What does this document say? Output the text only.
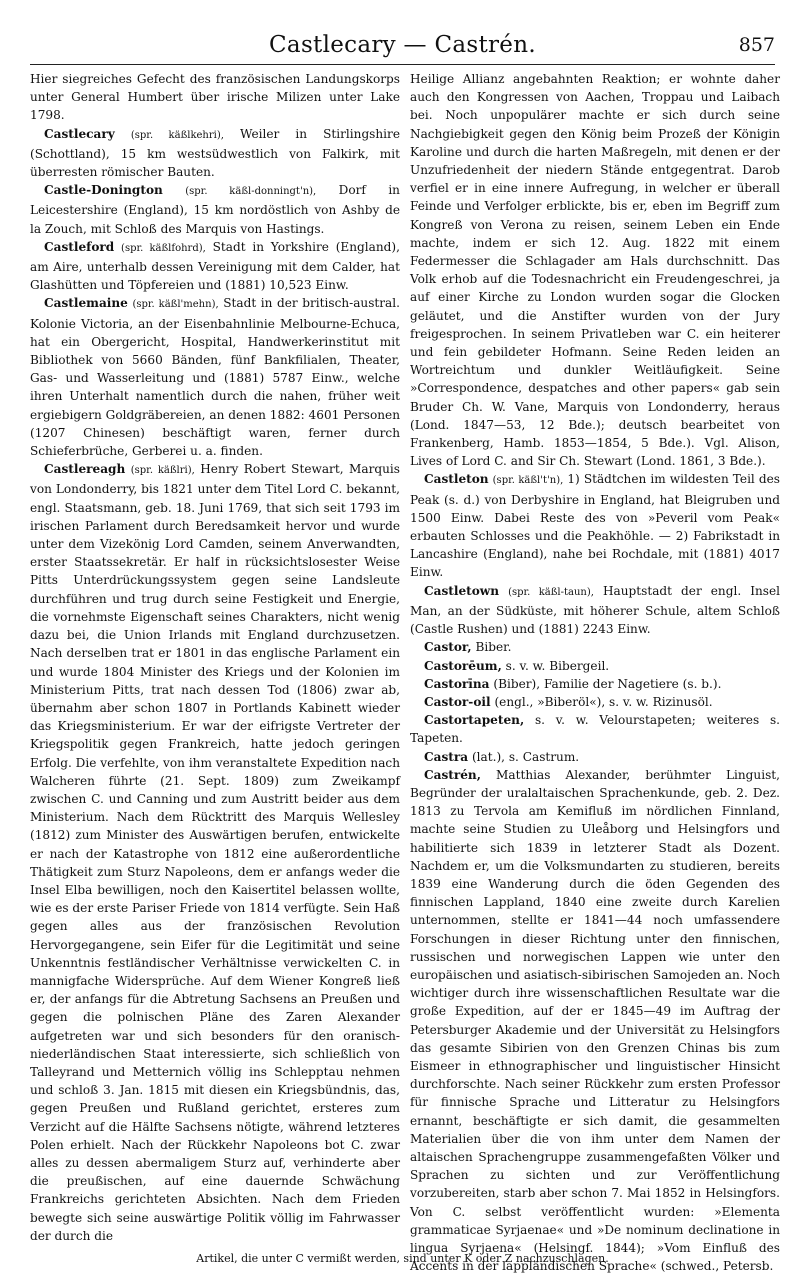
Castlecary — Castrén.	857

Hier siegreiches Gefecht des französischen Landungskorps unter General Humbert über irische Milizen unter Lake 1798.

Castlecary (spr. käßlkehri), Weiler in Stirlingshire (Schottland), 15 km westsüdwestlich von Falkirk, mit überresten römischer Bauten.

Castle-Donington (spr. käßl-donningt'n), Dorf in Leicestershire (England), 15 km nordöstlich von Ashby de la Zouch, mit Schloß des Marquis von Hastings.

Castleford (spr. käßlfohrd), Stadt in Yorkshire (England), am Aire, unterhalb dessen Vereinigung mit dem Calder, hat Glashütten und Töpfereien und (1881) 10,523 Einw.

Castlemaine (spr. käßl'mehn), Stadt in der britisch-austral. Kolonie Victoria, an der Eisenbahnlinie Melbourne-Echuca, hat ein Obergericht, Hospital, Handwerkerinstitut mit Bibliothek von 5660 Bänden, fünf Bankfilialen, Theater, Gas- und Wasserleitung und (1881) 5787 Einw., welche ihren Unterhalt namentlich durch die nahen, früher weit ergiebigern Goldgräbereien, an denen 1882: 4601 Personen (1207 Chinesen) beschäftigt waren, ferner durch Schieferbrüche, Gerberei u. a. finden.

Castlereagh (spr. käßlri), Henry Robert Stewart, Marquis von Londonderry, bis 1821 unter dem Titel Lord C. bekannt, engl. Staatsmann, geb. 18. Juni 1769, that sich seit 1793 im irischen Parlament durch Beredsamkeit hervor und wurde unter dem Vizekönig Lord Camden, seinem Anverwandten, erster Staatssekretär. Er half in rücksichtslosester Weise Pitts Unterdrückungssystem gegen seine Landsleute durchführen und trug durch seine Festigkeit und Energie, die vornehmste Eigenschaft seines Charakters, nicht wenig dazu bei, die Union Irlands mit England durchzusetzen. Nach derselben trat er 1801 in das englische Parlament ein und wurde 1804 Minister des Kriegs und der Kolonien im Ministerium Pitts, trat nach dessen Tod (1806) zwar ab, übernahm aber schon 1807 in Portlands Kabinett wieder das Kriegsministerium. Er war der eifrigste Vertreter der Kriegspolitik gegen Frankreich, hatte jedoch geringen Erfolg. Die verfehlte, von ihm veranstaltete Expedition nach Walcheren führte (21. Sept. 1809) zum Zweikampf zwischen C. und Canning und zum Austritt beider aus dem Ministerium. Nach dem Rücktritt des Marquis Wellesley (1812) zum Minister des Auswärtigen berufen, entwickelte er nach der Katastrophe von 1812 eine außerordentliche Thätigkeit zum Sturz Napoleons, dem er anfangs weder die Insel Elba bewilligen, noch den Kaisertitel belassen wollte, wie es der erste Pariser Friede von 1814 verfügte. Sein Haß gegen alles aus der französischen Revolution Hervorgegangene, sein Eifer für die Legitimität und seine Unkenntnis festländischer Verhältnisse verwickelten C. in mannigfache Widersprüche. Auf dem Wiener Kongreß ließ er, der anfangs für die Abtretung Sachsens an Preußen und gegen die polnischen Pläne des Zaren Alexander aufgetreten war und sich besonders für den oranisch-niederländischen Staat interessierte, sich schließlich von Talleyrand und Metternich völlig ins Schlepptau nehmen und schloß 3. Jan. 1815 mit diesen ein Kriegsbündnis, das, gegen Preußen und Rußland gerichtet, ersteres zum Verzicht auf die Hälfte Sachsens nötigte, während letzteres Polen erhielt. Nach der Rückkehr Napoleons bot C. zwar alles zu dessen abermaligem Sturz auf, verhinderte aber die preußischen, auf eine dauernde Schwächung Frankreichs gerichteten Absichten. Nach dem Frieden bewegte sich seine auswärtige Politik völlig im Fahrwasser der durch die

Heilige Allianz angebahnten Reaktion; er wohnte daher auch den Kongressen von Aachen, Troppau und Laibach bei. Noch unpopulärer machte er sich durch seine Nachgiebigkeit gegen den König beim Prozeß der Königin Karoline und durch die harten Maßregeln, mit denen er der Unzufriedenheit der niedern Stände entgegentrat. Darob verfiel er in eine innere Aufregung, in welcher er überall Feinde und Verfolger erblickte, bis er, eben im Begriff zum Kongreß von Verona zu reisen, seinem Leben ein Ende machte, indem er sich 12. Aug. 1822 mit einem Federmesser die Schlagader am Hals durchschnitt. Das Volk erhob auf die Todesnachricht ein Freudengeschrei, ja auf einer Kirche zu London wurden sogar die Glocken geläutet, und die Anstifter wurden von der Jury freigesprochen. In seinem Privatleben war C. ein heiterer und fein gebildeter Hofmann. Seine Reden leiden an Wortreichtum und dunkler Weitläufigkeit. Seine »Correspondence, despatches and other papers« gab sein Bruder Ch. W. Vane, Marquis von Londonderry, heraus (Lond. 1847—53, 12 Bde.); deutsch bearbeitet von Frankenberg, Hamb. 1853—1854, 5 Bde.). Vgl. Alison, Lives of Lord C. and Sir Ch. Stewart (Lond. 1861, 3 Bde.).

Castleton (spr. käßl't'n), 1) Städtchen im wildesten Teil des Peak (s. d.) von Derbyshire in England, hat Bleigruben und 1500 Einw. Dabei Reste des von »Peveril vom Peak« erbauten Schlosses und die Peakhöhle. — 2) Fabrikstadt in Lancashire (England), nahe bei Rochdale, mit (1881) 4017 Einw.

Castletown (spr. käßl-taun), Hauptstadt der engl. Insel Man, an der Südküste, mit höherer Schule, altem Schloß (Castle Rushen) und (1881) 2243 Einw.

Castor, Biber.

Castorēum, s. v. w. Bibergeil.

Castorīna (Biber), Familie der Nagetiere (s. b.).

Castor-oil (engl., »Biberöl«), s. v. w. Rizinusöl.

Castortapeten, s. v. w. Velourstapeten; weiteres s. Tapeten.

Castra (lat.), s. Castrum.

Castrén, Matthias Alexander, berühmter Linguist, Begründer der uralaltaischen Sprachenkunde, geb. 2. Dez. 1813 zu Tervola am Kemifluß im nördlichen Finnland, machte seine Studien zu Uleåborg und Helsingfors und habilitierte sich 1839 in letzterer Stadt als Dozent. Nachdem er, um die Volksmundarten zu studieren, bereits 1839 eine Wanderung durch die öden Gegenden des finnischen Lappland, 1840 eine zweite durch Karelien unternommen, stellte er 1841—44 noch umfassendere Forschungen in dieser Richtung unter den finnischen, russischen und norwegischen Lappen wie unter den europäischen und asiatisch-sibirischen Samojeden an. Noch wichtiger durch ihre wissenschaftlichen Resultate war die große Expedition, auf der er 1845—49 im Auftrag der Petersburger Akademie und der Universität zu Helsingfors das gesamte Sibirien von den Grenzen Chinas bis zum Eismeer in ethnographischer und linguistischer Hinsicht durchforschte. Nach seiner Rückkehr zum ersten Professor für finnische Sprache und Litteratur zu Helsingfors ernannt, beschäftigte er sich damit, die gesammelten Materialien über die von ihm unter dem Namen der altaischen Sprachengruppe zusammengefaßten Völker und Sprachen zu sichten und zur Veröffentlichung vorzubereiten, starb aber schon 7. Mai 1852 in Helsingfors. Von C. selbst veröffentlicht wurden: »Elementa grammaticae Syrjaenae« und »De nominum declinatione in lingua Syrjaena« (Helsingf. 1844); »Vom Einfluß des Accents in der lappländischen Sprache« (schwed., Petersb.

Artikel, die unter C vermißt werden, sind unter K oder Z nachzuschlagen.
